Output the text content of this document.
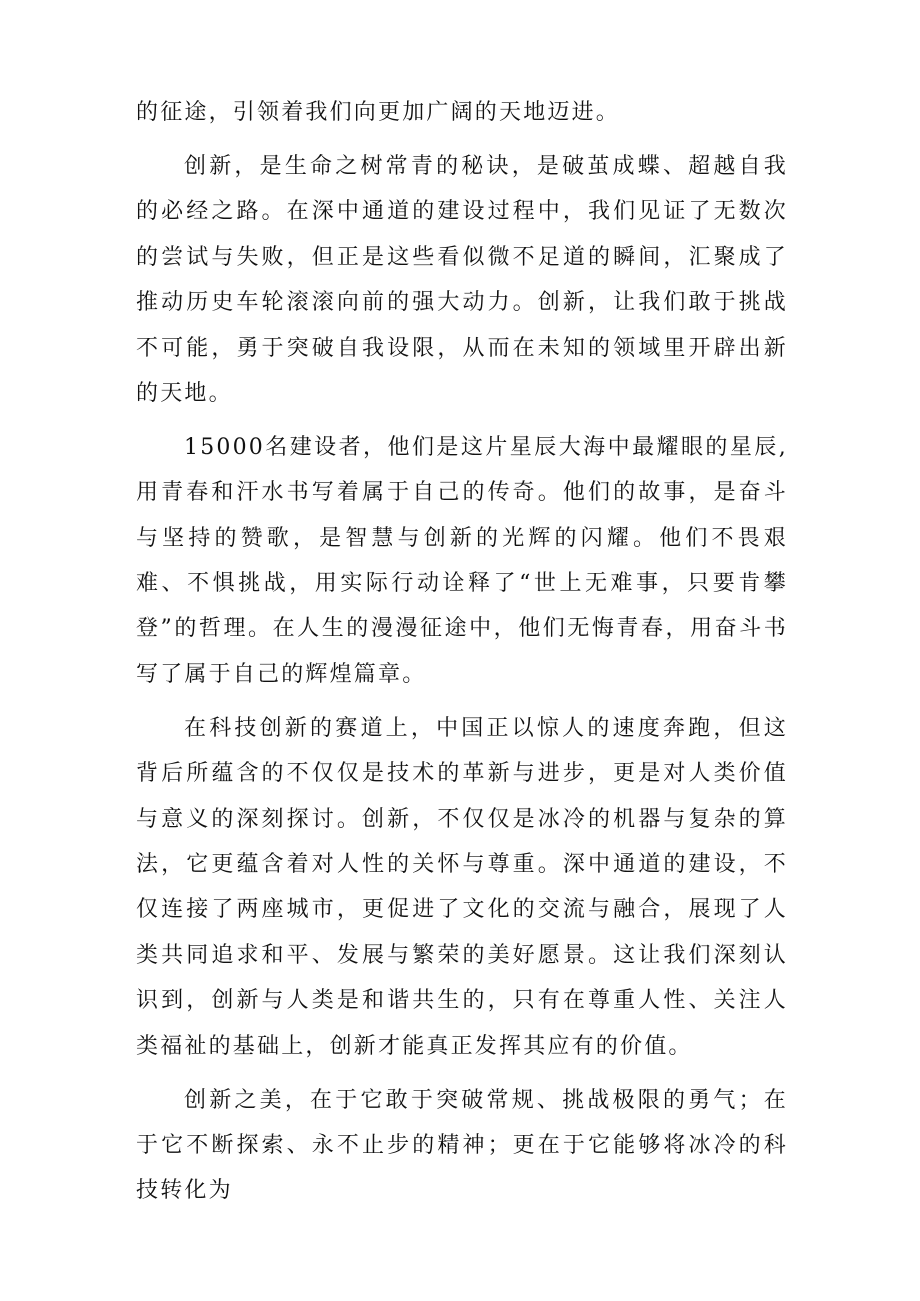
的征途，引领着我们向更加广阔的天地迈进。

创新，是生命之树常青的秘诀，是破茧成蝶、超越自我的必经之路。在深中通道的建设过程中，我们见证了无数次的尝试与失败，但正是这些看似微不足道的瞬间，汇聚成了推动历史车轮滚滚向前的强大动力。创新，让我们敢于挑战不可能，勇于突破自我设限，从而在未知的领域里开辟出新的天地。

15000名建设者，他们是这片星辰大海中最耀眼的星辰,用青春和汗水书写着属于自己的传奇。他们的故事，是奋斗与坚持的赞歌，是智慧与创新的光辉的闪耀。他们不畏艰难、不惧挑战，用实际行动诠释了“世上无难事，只要肯攀登”的哲理。在人生的漫漫征途中，他们无悔青春，用奋斗书写了属于自己的辉煌篇章。

在科技创新的赛道上，中国正以惊人的速度奔跑，但这背后所蕴含的不仅仅是技术的革新与进步，更是对人类价值与意义的深刻探讨。创新，不仅仅是冰冷的机器与复杂的算法，它更蕴含着对人性的关怀与尊重。深中通道的建设，不仅连接了两座城市，更促进了文化的交流与融合，展现了人类共同追求和平、发展与繁荣的美好愿景。这让我们深刻认识到，创新与人类是和谐共生的，只有在尊重人性、关注人类福祉的基础上，创新才能真正发挥其应有的价值。

创新之美，在于它敢于突破常规、挑战极限的勇气；在于它不断探索、永不止步的精神；更在于它能够将冰冷的科技转化为
